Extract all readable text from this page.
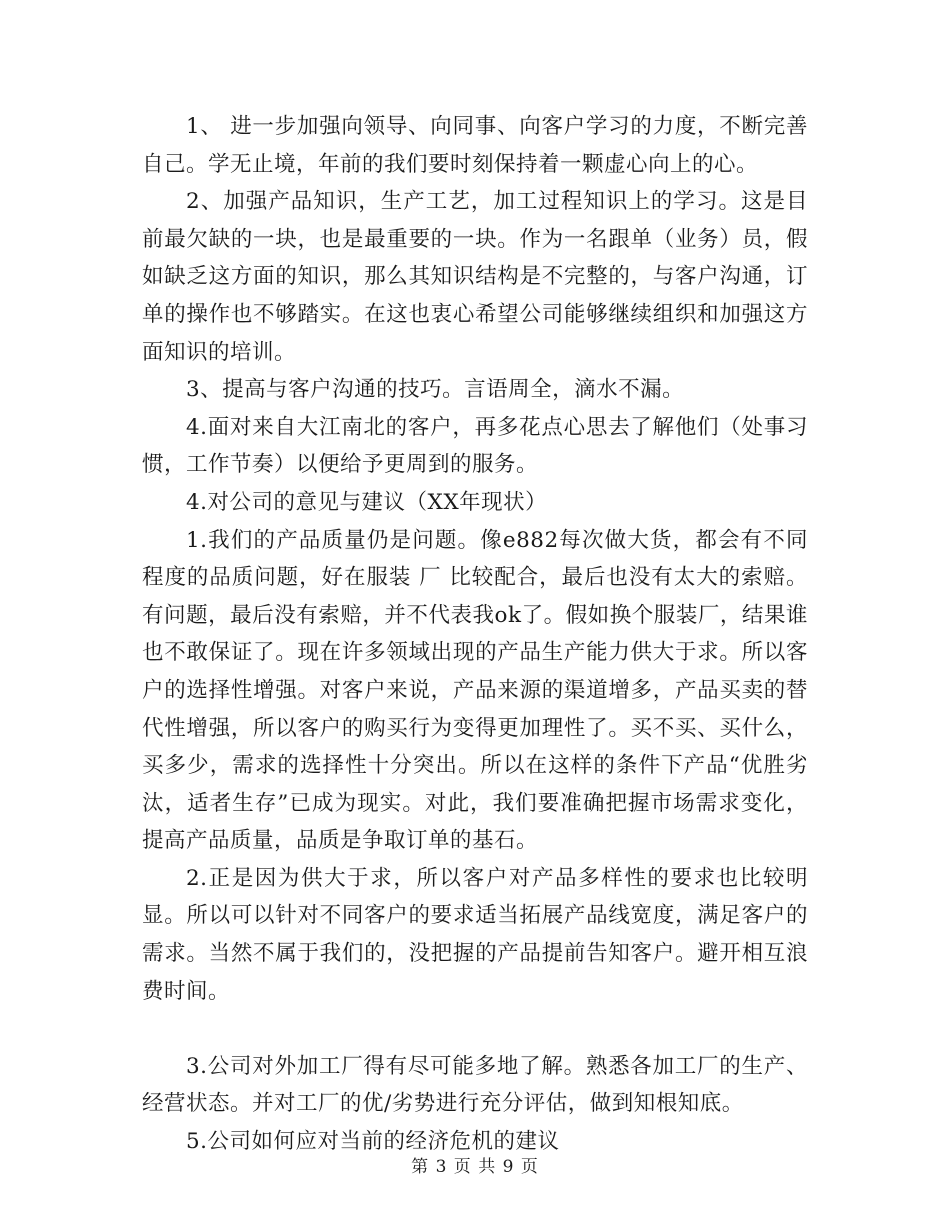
1、 进一步加强向领导、向同事、向客户学习的力度，不断完善自己。学无止境，年前的我们要时刻保持着一颗虚心向上的心。

2、加强产品知识，生产工艺，加工过程知识上的学习。这是目前最欠缺的一块，也是最重要的一块。作为一名跟单（业务）员，假如缺乏这方面的知识，那么其知识结构是不完整的，与客户沟通，订单的操作也不够踏实。在这也衷心希望公司能够继续组织和加强这方面知识的培训。

3、提高与客户沟通的技巧。言语周全，滴水不漏。

4.面对来自大江南北的客户，再多花点心思去了解他们（处事习惯，工作节奏）以便给予更周到的服务。

4.对公司的意见与建议（XX年现状）

1.我们的产品质量仍是问题。像e882每次做大货，都会有不同程度的品质问题，好在服装 厂 比较配合，最后也没有太大的索赔。有问题，最后没有索赔，并不代表我ok了。假如换个服装厂，结果谁也不敢保证了。现在许多领域出现的产品生产能力供大于求。所以客户的选择性增强。对客户来说，产品来源的渠道增多，产品买卖的替代性增强，所以客户的购买行为变得更加理性了。买不买、买什么，买多少，需求的选择性十分突出。所以在这样的条件下产品“优胜劣汰，适者生存”已成为现实。对此，我们要准确把握市场需求变化，提高产品质量，品质是争取订单的基石。

2.正是因为供大于求，所以客户对产品多样性的要求也比较明显。所以可以针对不同客户的要求适当拓展产品线宽度，满足客户的需求。当然不属于我们的，没把握的产品提前告知客户。避开相互浪费时间。

3.公司对外加工厂得有尽可能多地了解。熟悉各加工厂的生产、经营状态。并对工厂的优/劣势进行充分评估，做到知根知底。

5.公司如何应对当前的经济危机的建议

第 3 页 共 9 页
